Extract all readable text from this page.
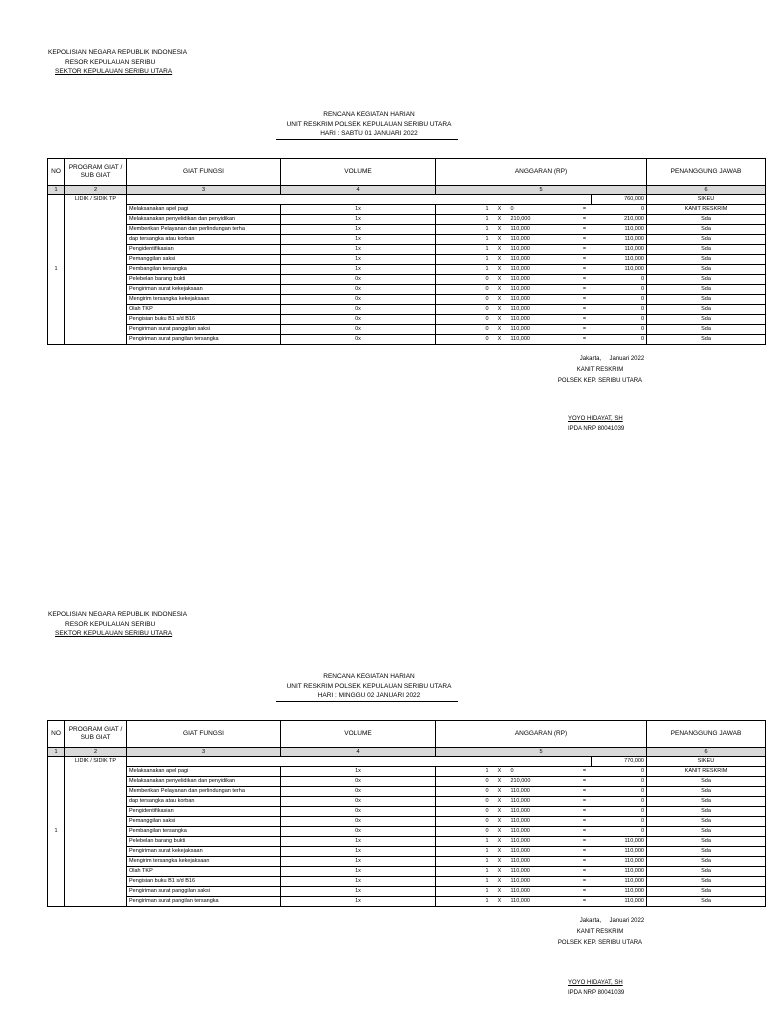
KEPOLISIAN NEGARA REPUBLIK INDONESIA
RESOR KEPULAUAN SERIBU
SEKTOR KEPULAUAN SERIBU UTARA
RENCANA KEGIATAN HARIAN
UNIT RESKRIM POLSEK KEPULAUAN SERIBU UTARA
HARI : SABTU 01 JANUARI 2022
NO	PROGRAM GIAT / SUB GIAT	GIAT FUNGSI	VOLUME	ANGGARAN (RP)					PENANGGUNG JAWAB
1	2	3	4	5					6
1	LIDIK / SIDIK TP							760,000	SIKEU
		Melaksanakan apel pagi	1x	1	X	0	=	0	KANIT RESKRIM
		Melaksanakan penyelidikan dan penyidikan	1x	1	X	210,000	=	210,000	Sda
		Memberikan Pelayanan dan perlindungan terha	1x	1	X	110,000	=	110,000	Sda
		dap tersangka atau korban	1x	1	X	110,000	=	110,000	Sda
		Pengidentifikasian	1x	1	X	110,000	=	110,000	Sda
		Pemanggilan saksi	1x	1	X	110,000	=	110,000	Sda
		Pembangilan tersangka	1x	1	X	110,000	=	110,000	Sda
		Pelebelan barang bukti	0x	0	X	110,000	=	0	Sda
		Pengiriman surat kekejaksaan	0x	0	X	110,000	=	0	Sda
		Mengirim tersangka kekejaksaan	0x	0	X	110,000	=	0	Sda
		Olah TKP	0x	0	X	110,000	=	0	Sda
		Pengisian buku B1 s/d B16	0x	0	X	110,000	=	0	Sda
		Pengiriman surat panggilan saksi	0x	0	X	110,000	=	0	Sda
		Pengiriman surat pangilan tersangka	0x	0	X	110,000	=	0	Sda
Jakarta, Januari 2022
KANIT RESKRIM
POLSEK KEP. SERIBU UTARA
YOYO HIDAYAT, SH
IPDA NRP 80041039
KEPOLISIAN NEGARA REPUBLIK INDONESIA
RESOR KEPULAUAN SERIBU
SEKTOR KEPULAUAN SERIBU UTARA
RENCANA KEGIATAN HARIAN
UNIT RESKRIM POLSEK KEPULAUAN SERIBU UTARA
HARI : MINGGU 02 JANUARI 2022
NO	PROGRAM GIAT / SUB GIAT	GIAT FUNGSI	VOLUME	ANGGARAN (RP)					PENANGGUNG JAWAB
1	2	3	4	5					6
1	LIDIK / SIDIK TP							770,000	SIKEU
		Melaksanakan apel pagi	1x	1	X	0	=	0	KANIT RESKRIM
		Melaksanakan penyelidikan dan penyidikan	0x	0	X	210,000	=	0	Sda
		Memberikan Pelayanan dan perlindungan terha	0x	0	X	110,000	=	0	Sda
		dap tersangka atau korban	0x	0	X	110,000	=	0	Sda
		Pengidentifikasian	0x	0	X	110,000	=	0	Sda
		Pemanggilan saksi	0x	0	X	110,000	=	0	Sda
		Pembangilan tersangka	0x	0	X	110,000	=	0	Sda
		Pelebelan barang bukti	1x	1	X	110,000	=	110,000	Sda
		Pengiriman surat kekejaksaan	1x	1	X	110,000	=	110,000	Sda
		Mengirim tersangka kekejaksaan	1x	1	X	110,000	=	110,000	Sda
		Olah TKP	1x	1	X	110,000	=	110,000	Sda
		Pengisian buku B1 s/d B16	1x	1	X	110,000	=	110,000	Sda
		Pengiriman surat panggilan saksi	1x	1	X	110,000	=	110,000	Sda
		Pengiriman surat pangilan tersangka	1x	1	X	110,000	=	110,000	Sda
Jakarta, Januari 2022
KANIT RESKRIM
POLSEK KEP. SERIBU UTARA
YOYO HIDAYAT, SH
IPDA NRP 80041039
